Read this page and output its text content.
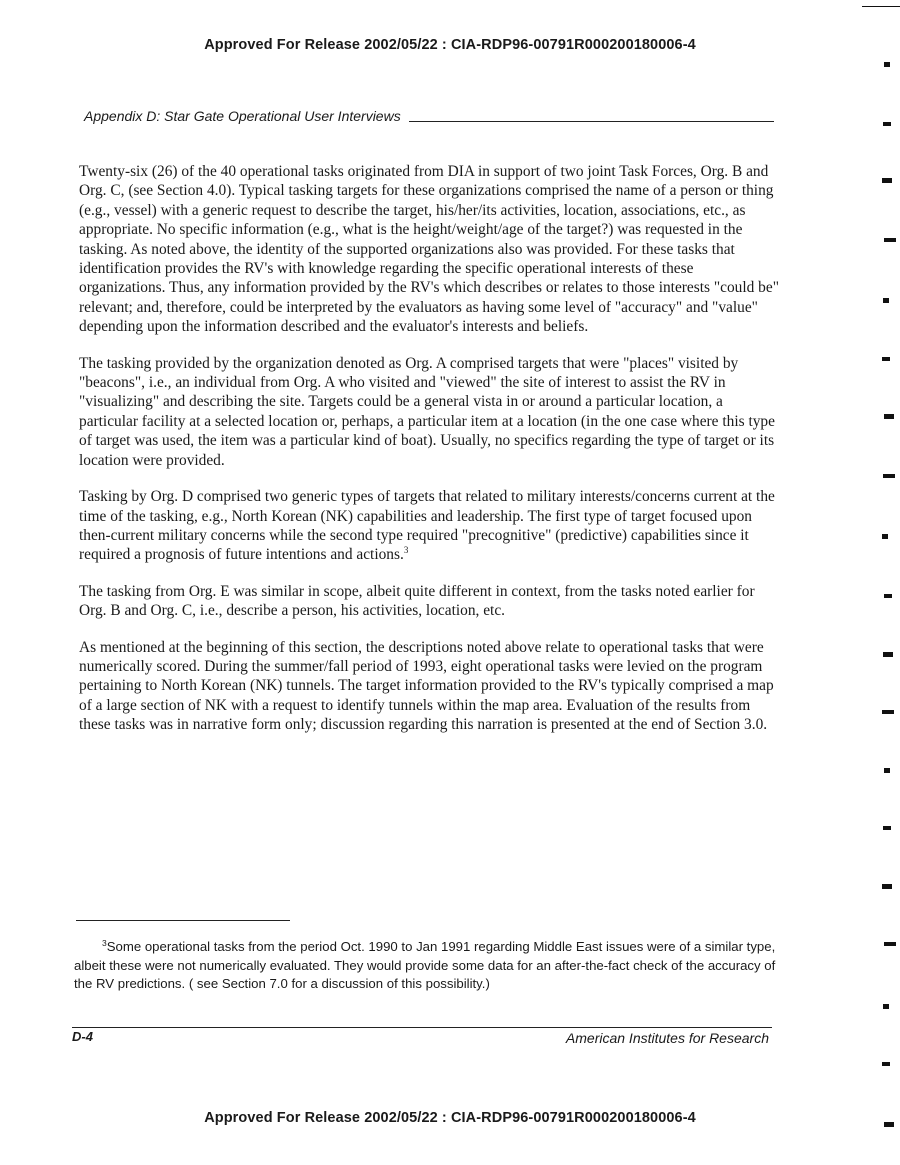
Approved For Release 2002/05/22 : CIA-RDP96-00791R000200180006-4
Appendix D: Star Gate Operational User Interviews

Twenty-six (26) of the 40 operational tasks originated from DIA in support of two joint Task Forces, Org. B and Org. C, (see Section 4.0). Typical tasking targets for these organizations comprised the name of a person or thing (e.g., vessel) with a generic request to describe the target, his/her/its activities, location, associations, etc., as appropriate. No specific information (e.g., what is the height/weight/age of the target?) was requested in the tasking. As noted above, the identity of the supported organizations also was provided. For these tasks that identification provides the RV's with knowledge regarding the specific operational interests of these organizations. Thus, any information provided by the RV's which describes or relates to those interests "could be" relevant; and, therefore, could be interpreted by the evaluators as having some level of "accuracy" and "value" depending upon the information described and the evaluator's interests and beliefs.

The tasking provided by the organization denoted as Org. A comprised targets that were "places" visited by "beacons", i.e., an individual from Org. A who visited and "viewed" the site of interest to assist the RV in "visualizing" and describing the site. Targets could be a general vista in or around a particular location, a particular facility at a selected location or, perhaps, a particular item at a location (in the one case where this type of target was used, the item was a particular kind of boat). Usually, no specifics regarding the type of target or its location were provided.

Tasking by Org. D comprised two generic types of targets that related to military interests/concerns current at the time of the tasking, e.g., North Korean (NK) capabilities and leadership. The first type of target focused upon then-current military concerns while the second type required "precognitive" (predictive) capabilities since it required a prognosis of future intentions and actions.$^3$

The tasking from Org. E was similar in scope, albeit quite different in context, from the tasks noted earlier for Org. B and Org. C, i.e., describe a person, his activities, location, etc.

As mentioned at the beginning of this section, the descriptions noted above relate to operational tasks that were numerically scored. During the summer/fall period of 1993, eight operational tasks were levied on the program pertaining to North Korean (NK) tunnels. The target information provided to the RV's typically comprised a map of a large section of NK with a request to identify tunnels within the map area. Evaluation of the results from these tasks was in narrative form only; discussion regarding this narration is presented at the end of Section 3.0.

$^3$Some operational tasks from the period Oct. 1990 to Jan 1991 regarding Middle East issues were of a similar type, albeit these were not numerically evaluated. They would provide some data for an after-the-fact check of the accuracy of the RV predictions. ( see Section 7.0 for a discussion of this possibility.)
D-4	American Institutes for Research
Approved For Release 2002/05/22 : CIA-RDP96-00791R000200180006-4
